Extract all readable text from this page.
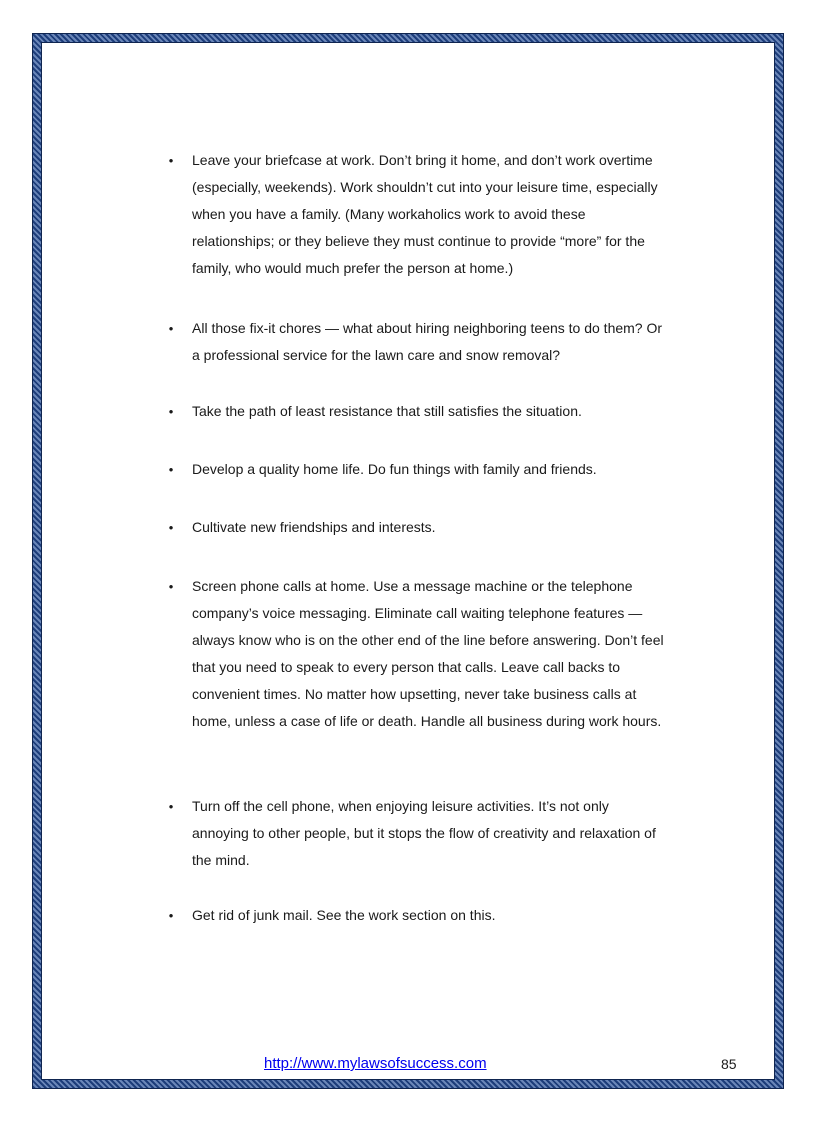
• Leave your briefcase at work. Don’t bring it home, and don’t work overtime (especially, weekends). Work shouldn’t cut into your leisure time, especially when you have a family. (Many workaholics work to avoid these relationships; or they believe they must continue to provide “more” for the family, who would much prefer the person at home.)
• All those fix-it chores — what about hiring neighboring teens to do them? Or a professional service for the lawn care and snow removal?
• Take the path of least resistance that still satisfies the situation.
• Develop a quality home life. Do fun things with family and friends.
• Cultivate new friendships and interests.
• Screen phone calls at home. Use a message machine or the telephone company’s voice messaging. Eliminate call waiting telephone features — always know who is on the other end of the line before answering. Don’t feel that you need to speak to every person that calls. Leave call backs to convenient times. No matter how upsetting, never take business calls at home, unless a case of life or death. Handle all business during work hours.
• Turn off the cell phone, when enjoying leisure activities. It’s not only annoying to other people, but it stops the flow of creativity and relaxation of the mind.
• Get rid of junk mail. See the work section on this.
http://www.mylawsofsuccess.com	85
